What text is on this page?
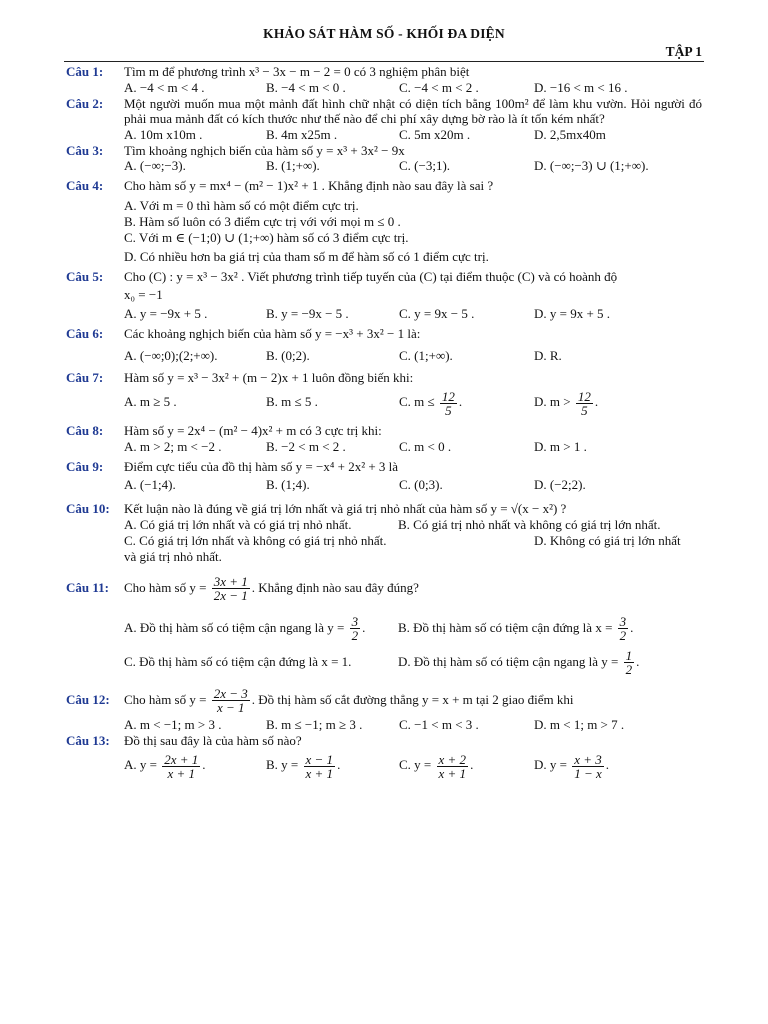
KHẢO SÁT HÀM SỐ - KHỐI ĐA DIỆN
TẬP 1
Câu 1: Tìm m để phương trình x³ − 3x − m − 2 = 0 có 3 nghiệm phân biệt
A. −4 < m < 4 .	B. −4 < m < 0 .	C. −4 < m < 2 .	D. −16 < m < 16 .
Câu 2: Một người muốn mua một mảnh đất hình chữ nhật có diện tích bằng 100m² để làm khu vườn. Hỏi người đó phải mua mảnh đất có kích thước như thế nào để chi phí xây dựng bờ rào là ít tốn kém nhất?
A. 10m x10m .	B. 4m x25m .	C. 5m x20m .	D. 2,5mx40m
Câu 3: Tìm khoảng nghịch biến của hàm số y = x³ + 3x² − 9x
A. (−∞;−3).	B. (1;+∞).	C. (−3;1).	D. (−∞;−3) ∪ (1;+∞).
Câu 4: Cho hàm số y = mx⁴ − (m² − 1)x² + 1 . Khẳng định nào sau đây là sai ?
A. Với m = 0 thì hàm số có một điểm cực trị.
B. Hàm số luôn có 3 điểm cực trị với với mọi m ≤ 0 .
C. Với m ∈ (−1;0) ∪ (1;+∞) hàm số có 3 điểm cực trị.
D. Có nhiều hơn ba giá trị của tham số m để hàm số có 1 điểm cực trị.
Câu 5: Cho (C) : y = x³ − 3x² . Viết phương trình tiếp tuyến của (C) tại điểm thuộc (C) và có hoành độ
x₀ = −1
A. y = −9x + 5 .	B. y = −9x − 5 .	C. y = 9x − 5 .	D. y = 9x + 5 .
Câu 6: Các khoảng nghịch biến của hàm số y = −x³ + 3x² − 1 là:
A. (−∞;0);(2;+∞).	B. (0;2).	C. (1;+∞).	D. R.
Câu 7: Hàm số y = x³ − 3x² + (m − 2)x + 1 luôn đồng biến khi:
A. m ≥ 5 .	B. m ≤ 5 .	C. $m \le \frac{12}{5}$ .	D. $m > \frac{12}{5}$ .
Câu 8: Hàm số y = 2x⁴ − (m² − 4)x² + m có 3 cực trị khi:
A. m > 2; m < −2 .	B. −2 < m < 2 .	C. m < 0 .	D. m > 1 .
Câu 9: Điểm cực tiểu của đồ thị hàm số y = −x⁴ + 2x² + 3 là
A. (−1;4).	B. (1;4).	C. (0;3).	D. (−2;2).
Câu 10: Kết luận nào là đúng về giá trị lớn nhất và giá trị nhỏ nhất của hàm số y = √(x − x²) ?
A. Có giá trị lớn nhất và có giá trị nhỏ nhất.	B. Có giá trị nhỏ nhất và không có giá trị lớn nhất.
C. Có giá trị lớn nhất và không có giá trị nhỏ nhất.	D. Không có giá trị lớn nhất
và giá trị nhỏ nhất.
Câu 11: Cho hàm số $y = \frac{3x + 1}{2x - 1}$ . Khẳng định nào sau đây đúng?
A. Đồ thị hàm số có tiệm cận ngang là $y = \frac{3}{2}$ .	B. Đồ thị hàm số có tiệm cận đứng là $x = \frac{3}{2}$ .
C. Đồ thị hàm số có tiệm cận đứng là x = 1.	D. Đồ thị hàm số có tiệm cận ngang là $y = \frac{1}{2}$ .
Câu 12: Cho hàm số $y = \frac{2x - 3}{x - 1}$ . Đồ thị hàm số cắt đường thẳng y = x + m tại 2 giao điểm khi
A. m < −1; m > 3 .	B. m ≤ −1; m ≥ 3 .	C. −1 < m < 3 .	D. m < 1; m > 7 .
Câu 13: Đồ thị sau đây là của hàm số nào?
A. $y = \frac{2x + 1}{x + 1}$ .	B. $y = \frac{x - 1}{x + 1}$ .	C. $y = \frac{x + 2}{x + 1}$ .	D. $y = \frac{x + 3}{1 - x}$ .
